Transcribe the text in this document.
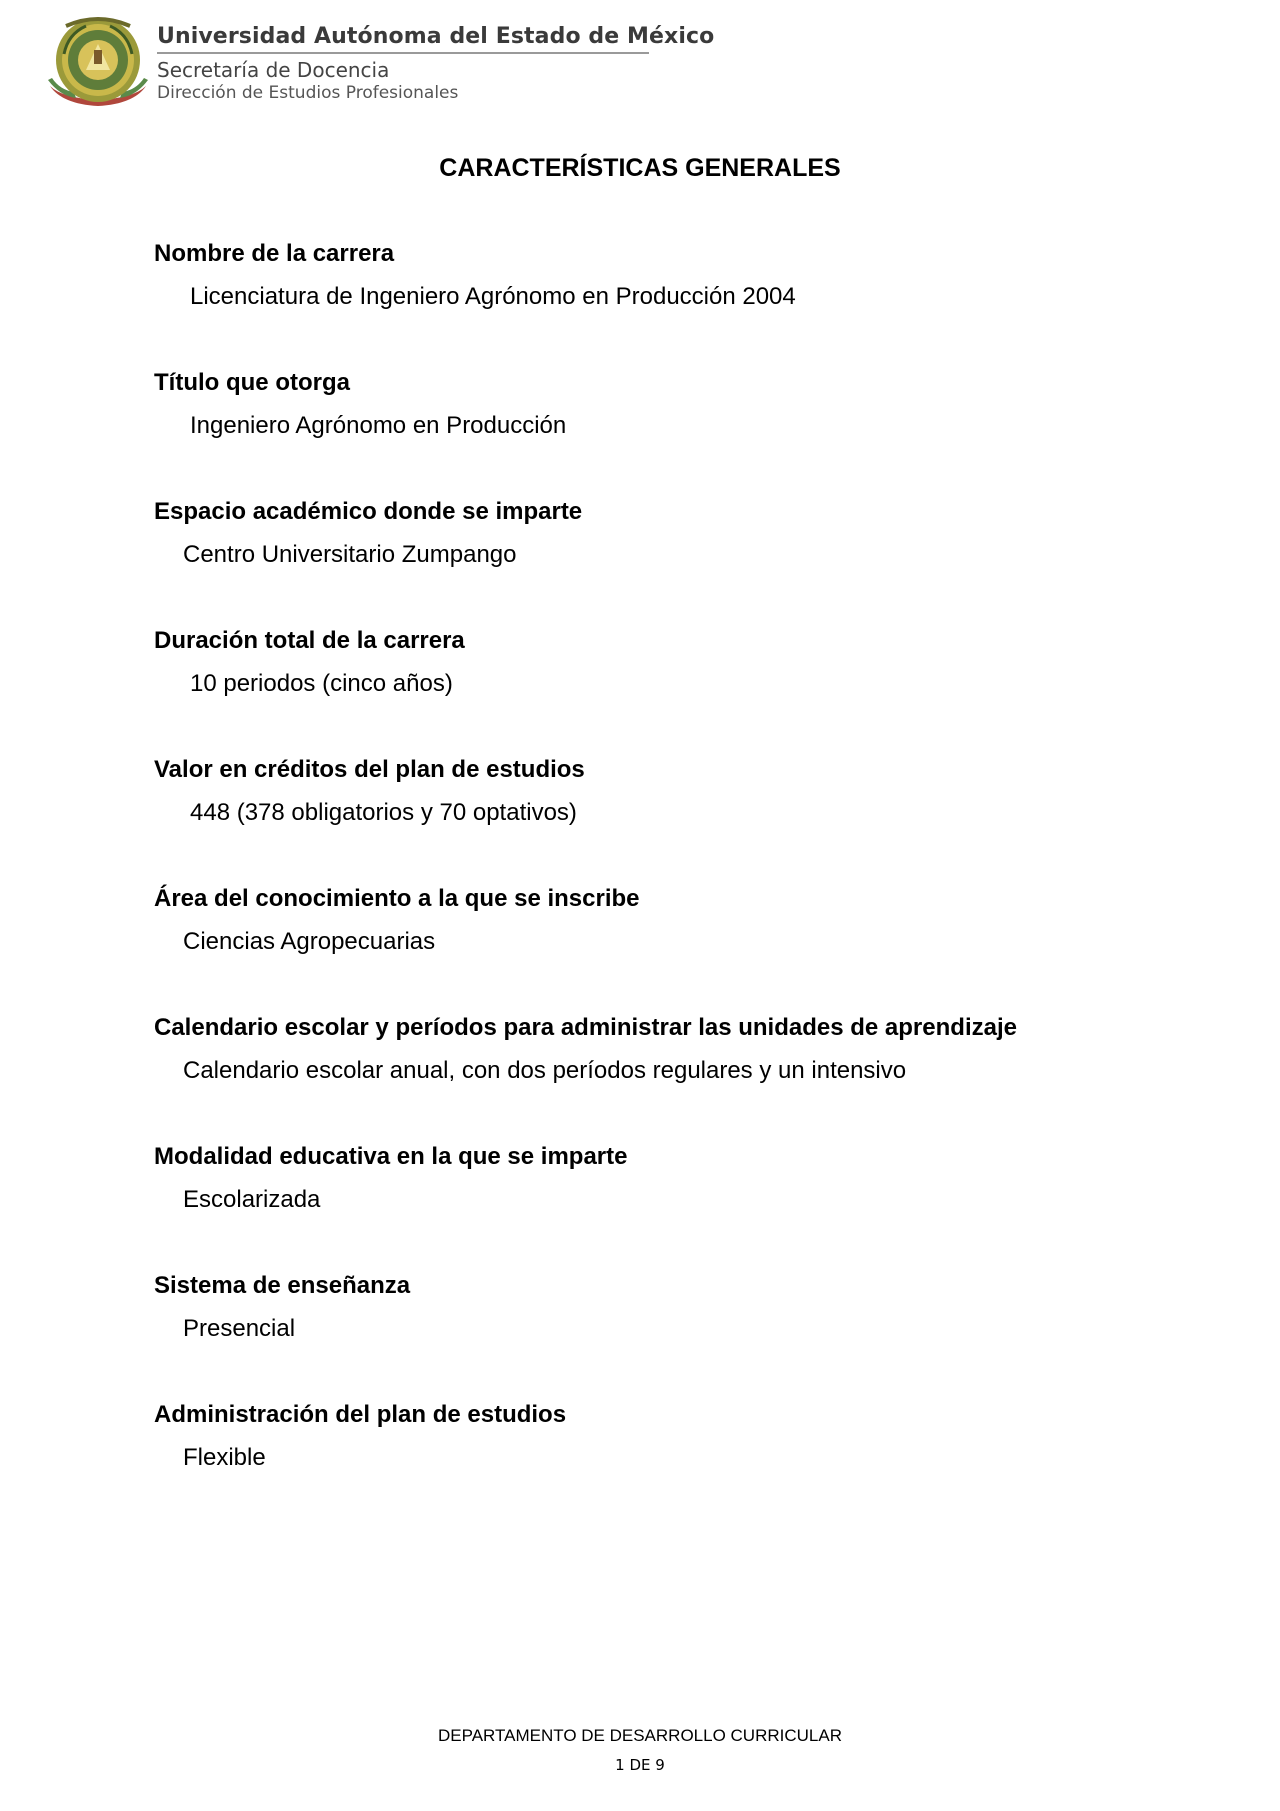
Universidad Autónoma del Estado de México
Secretaría de Docencia
Dirección de Estudios Profesionales
CARACTERÍSTICAS GENERALES
Nombre de la carrera
Licenciatura de Ingeniero Agrónomo en Producción 2004
Título que otorga
Ingeniero Agrónomo en Producción
Espacio académico donde se imparte
Centro Universitario Zumpango
Duración total de la carrera
10 periodos (cinco años)
Valor en créditos del plan de estudios
448 (378 obligatorios y 70 optativos)
Área del conocimiento a la que se inscribe
Ciencias Agropecuarias
Calendario escolar y períodos para administrar las unidades de aprendizaje
Calendario escolar anual, con dos períodos regulares y un intensivo
Modalidad educativa en la que se imparte
Escolarizada
Sistema de enseñanza
Presencial
Administración del plan de estudios
Flexible
DEPARTAMENTO DE DESARROLLO CURRICULAR
1 DE 9
